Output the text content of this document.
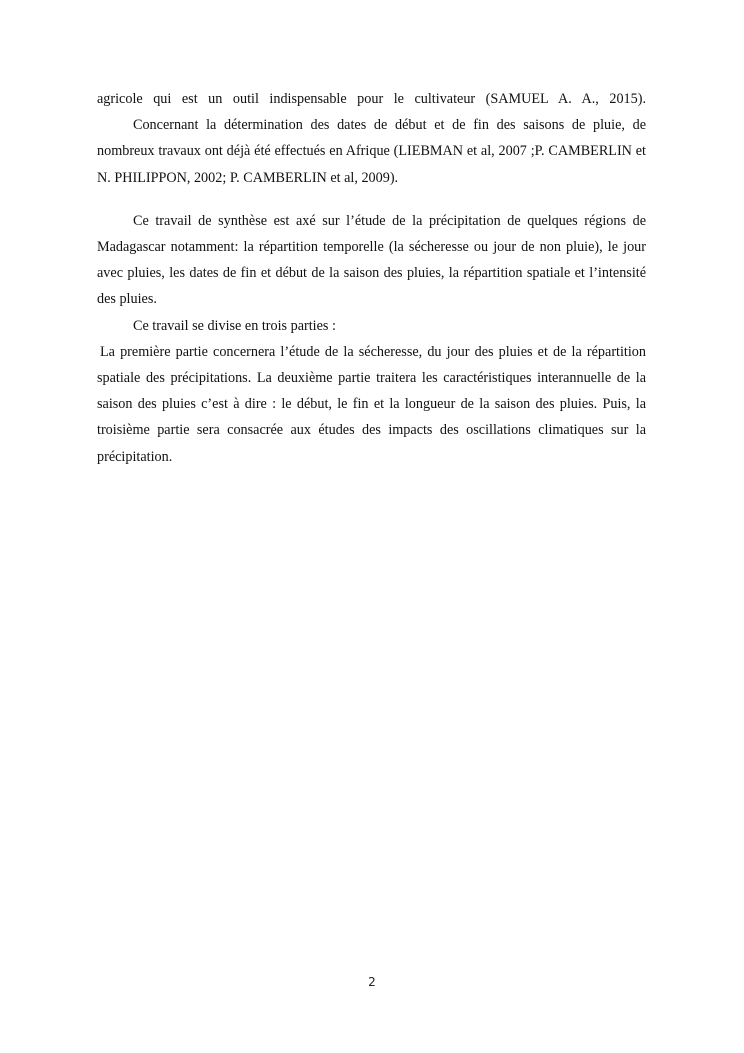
agricole qui est un outil indispensable pour le cultivateur (SAMUEL A. A., 2015).

Concernant la détermination des dates de début et de fin des saisons de pluie, de nombreux travaux ont déjà été effectués en Afrique (LIEBMAN et al, 2007 ;P. CAMBERLIN et N. PHILIPPON, 2002; P. CAMBERLIN et al, 2009).

Ce travail de synthèse est axé sur l’étude de la précipitation de quelques régions de Madagascar notamment: la répartition temporelle (la sécheresse ou jour de non pluie), le jour avec pluies, les dates de fin et début de la saison des pluies, la répartition spatiale et l’intensité des pluies.

Ce travail se divise en trois parties :

La première partie concernera l’étude de la sécheresse, du jour des pluies et de la répartition spatiale des précipitations. La deuxième partie traitera les caractéristiques interannuelle de la saison des pluies c’est à dire : le début, le fin et la longueur de la saison des pluies. Puis, la troisième partie sera consacrée aux études des impacts des oscillations climatiques sur la précipitation.

2
